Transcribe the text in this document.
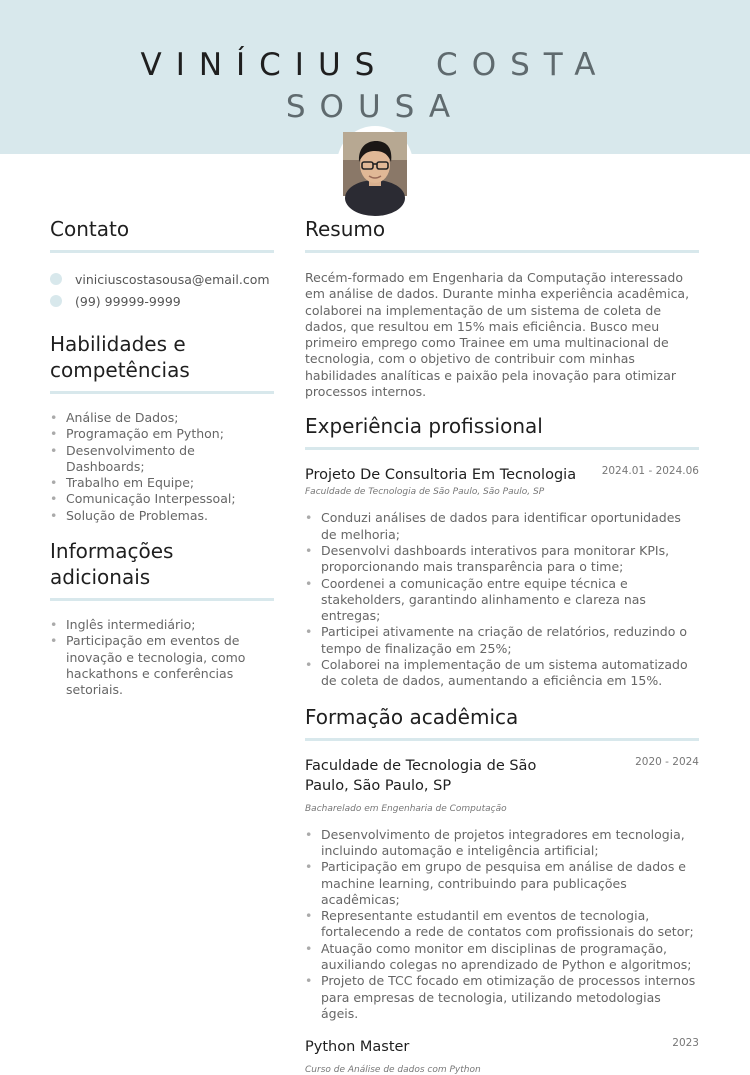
VINÍCIUS COSTA
SOUSA
Contato
viniciuscostasousa@email.com
(99) 99999-9999
Habilidades e competências
• Análise de Dados;
• Programação em Python;
• Desenvolvimento de Dashboards;
• Trabalho em Equipe;
• Comunicação Interpessoal;
• Solução de Problemas.
Informações adicionais
• Inglês intermediário;
• Participação em eventos de inovação e tecnologia, como hackathons e conferências setoriais.
Resumo

Recém-formado em Engenharia da Computação interessado em análise de dados. Durante minha experiência acadêmica, colaborei na implementação de um sistema de coleta de dados, que resultou em 15% mais eficiência. Busco meu primeiro emprego como Trainee em uma multinacional de tecnologia, com o objetivo de contribuir com minhas habilidades analíticas e paixão pela inovação para otimizar processos internos.

Experiência profissional
Projeto De Consultoria Em Tecnologia	2024.01 - 2024.06
Faculdade de Tecnologia de São Paulo, São Paulo, SP
• Conduzi análises de dados para identificar oportunidades de melhoria;
• Desenvolvi dashboards interativos para monitorar KPIs, proporcionando mais transparência para o time;
• Coordenei a comunicação entre equipe técnica e stakeholders, garantindo alinhamento e clareza nas entregas;
• Participei ativamente na criação de relatórios, reduzindo o tempo de finalização em 25%;
• Colaborei na implementação de um sistema automatizado de coleta de dados, aumentando a eficiência em 15%.
Formação acadêmica
Faculdade de Tecnologia de São Paulo, São Paulo, SP
2020 - 2024
Bacharelado em Engenharia de Computação
• Desenvolvimento de projetos integradores em tecnologia, incluindo automação e inteligência artificial;
• Participação em grupo de pesquisa em análise de dados e machine learning, contribuindo para publicações acadêmicas;
• Representante estudantil em eventos de tecnologia, fortalecendo a rede de contatos com profissionais do setor;
• Atuação como monitor em disciplinas de programação, auxiliando colegas no aprendizado de Python e algoritmos;
• Projeto de TCC focado em otimização de processos internos para empresas de tecnologia, utilizando metodologias ágeis.
Python Master	2023
Curso de Análise de dados com Python
